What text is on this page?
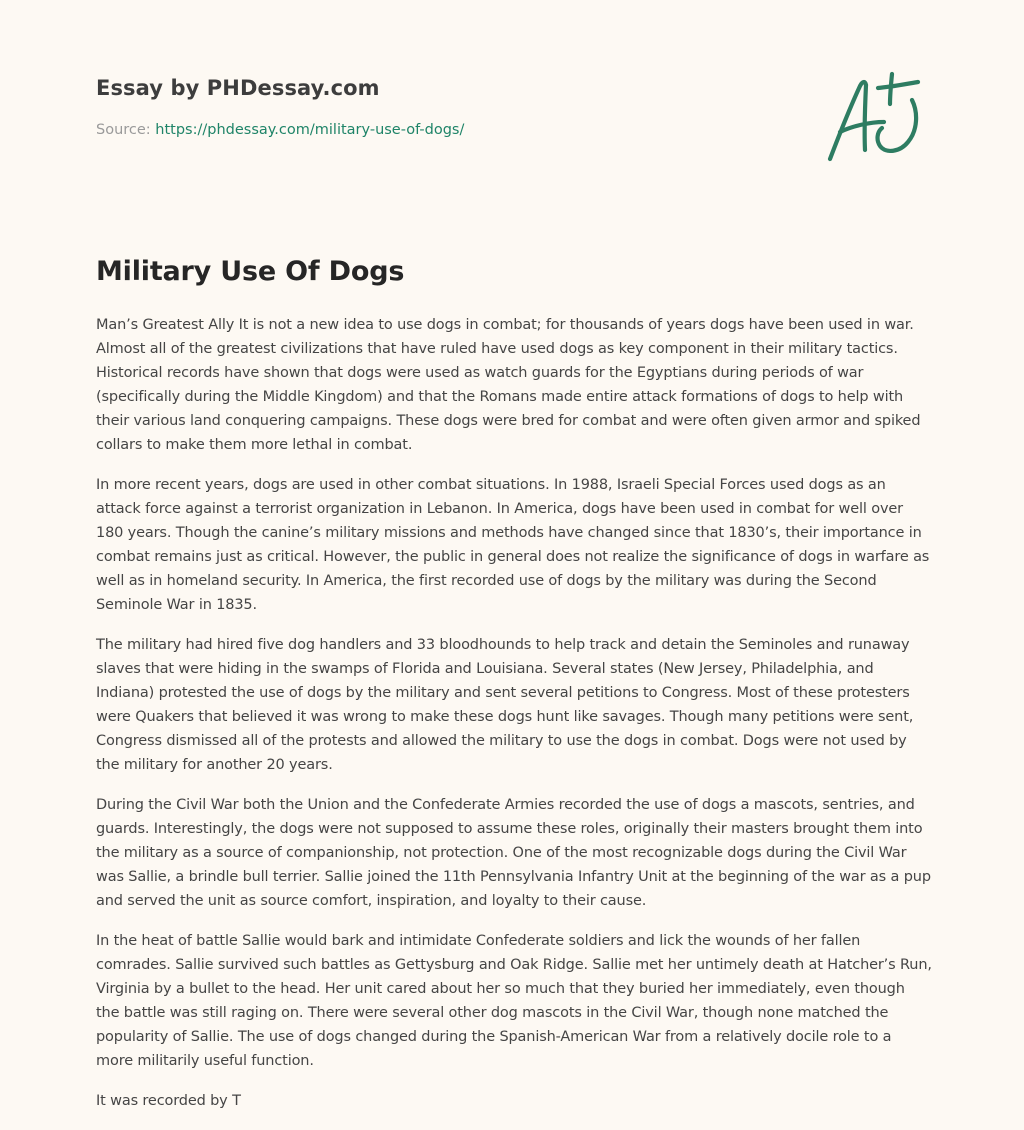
Essay by PHDessay.com
Source: https://phdessay.com/military-use-of-dogs/
Military Use Of Dogs

Man’s Greatest Ally It is not a new idea to use dogs in combat; for thousands of years dogs have been used in war. Almost all of the greatest civilizations that have ruled have used dogs as key component in their military tactics. Historical records have shown that dogs were used as watch guards for the Egyptians during periods of war (specifically during the Middle Kingdom) and that the Romans made entire attack formations of dogs to help with their various land conquering campaigns. These dogs were bred for combat and were often given armor and spiked collars to make them more lethal in combat.

In more recent years, dogs are used in other combat situations. In 1988, Israeli Special Forces used dogs as an attack force against a terrorist organization in Lebanon. In America, dogs have been used in combat for well over 180 years. Though the canine’s military missions and methods have changed since that 1830’s, their importance in combat remains just as critical. However, the public in general does not realize the significance of dogs in warfare as well as in homeland security. In America, the first recorded use of dogs by the military was during the Second Seminole War in 1835.

The military had hired five dog handlers and 33 bloodhounds to help track and detain the Seminoles and runaway slaves that were hiding in the swamps of Florida and Louisiana. Several states (New Jersey, Philadelphia, and Indiana) protested the use of dogs by the military and sent several petitions to Congress. Most of these protesters were Quakers that believed it was wrong to make these dogs hunt like savages. Though many petitions were sent, Congress dismissed all of the protests and allowed the military to use the dogs in combat. Dogs were not used by the military for another 20 years.

During the Civil War both the Union and the Confederate Armies recorded the use of dogs a mascots, sentries, and guards. Interestingly, the dogs were not supposed to assume these roles, originally their masters brought them into the military as a source of companionship, not protection. One of the most recognizable dogs during the Civil War was Sallie, a brindle bull terrier. Sallie joined the 11th Pennsylvania Infantry Unit at the beginning of the war as a pup and served the unit as source comfort, inspiration, and loyalty to their cause.

In the heat of battle Sallie would bark and intimidate Confederate soldiers and lick the wounds of her fallen comrades. Sallie survived such battles as Gettysburg and Oak Ridge. Sallie met her untimely death at Hatcher’s Run, Virginia by a bullet to the head. Her unit cared about her so much that they buried her immediately, even though the battle was still raging on. There were several other dog mascots in the Civil War, though none matched the popularity of Sallie. The use of dogs changed during the Spanish-American War from a relatively docile role to a more militarily useful function.

It was recorded by T
